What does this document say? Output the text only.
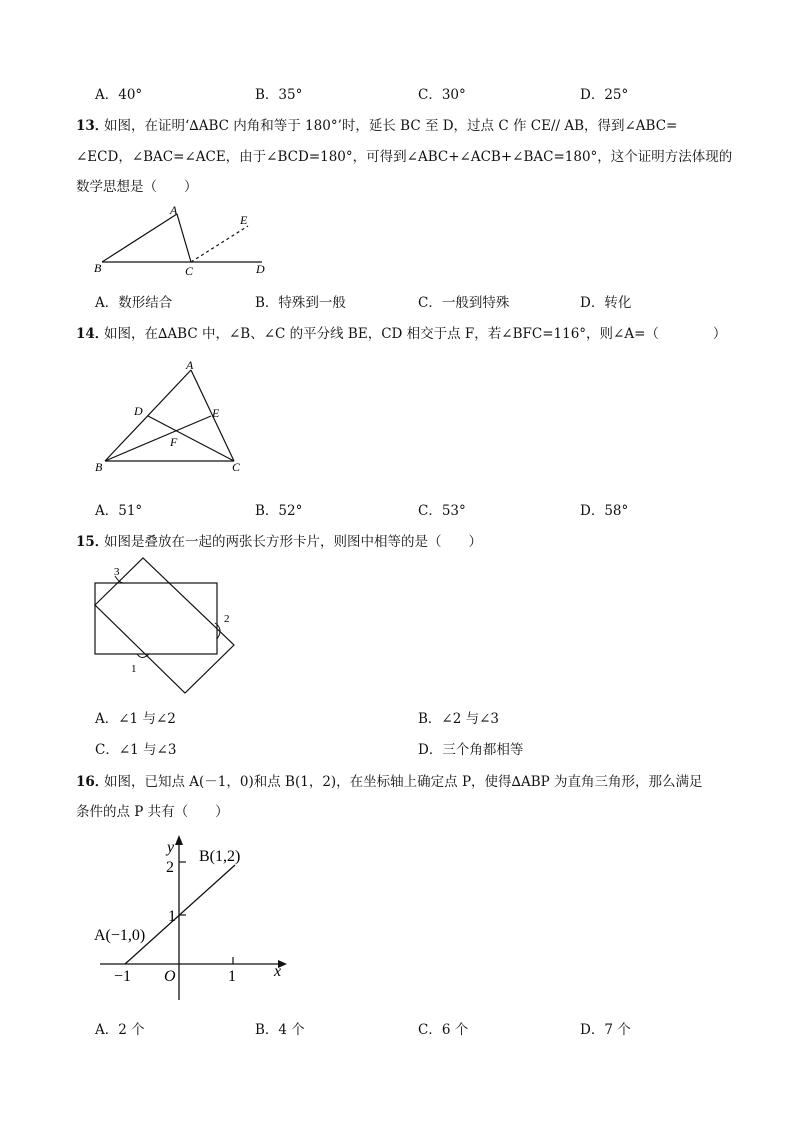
A．40°	B．35°	C．30°	D．25°
13．
如图，在证明‘∆ABC 内角和等于 180°’时，延长 BC 至 D，过点 C 作 CE// AB，得到∠ABC=
∠ECD，∠BAC=∠ACE，由于∠BCD=180°，可得到∠ABC+∠ACB+∠BAC=180°，这个证明方法体现的
数学思想是（　　）
A
B	C	D
E
A．数形结合	B．特殊到一般	C．一般到特殊	D．转化
14．
如图，在∆ABC 中，∠B、∠C 的平分线 BE，CD 相交于点 F，若∠BFC=116°，则∠A=（　　　　）
A
B	C
D	E
F
A．51°	B．52°	C．53°	D．58°
15．
如图是叠放在一起的两张长方形卡片，则图中相等的是（　　）
3
2
1
A．∠1 与∠2	B．∠2 与∠3
C．∠1 与∠3	D．三个角都相等
16．
如图，已知点 A(－1，0)和点 B(1，2)，在坐标轴上确定点 P，使得∆ABP 为直角三角形，那么满足
条件的点 P 共有（　　）
y
x
B(1,2)
A(−1,0)
O
2
1
−1	1
A．2 个	B．4 个	C．6 个	D．7 个
